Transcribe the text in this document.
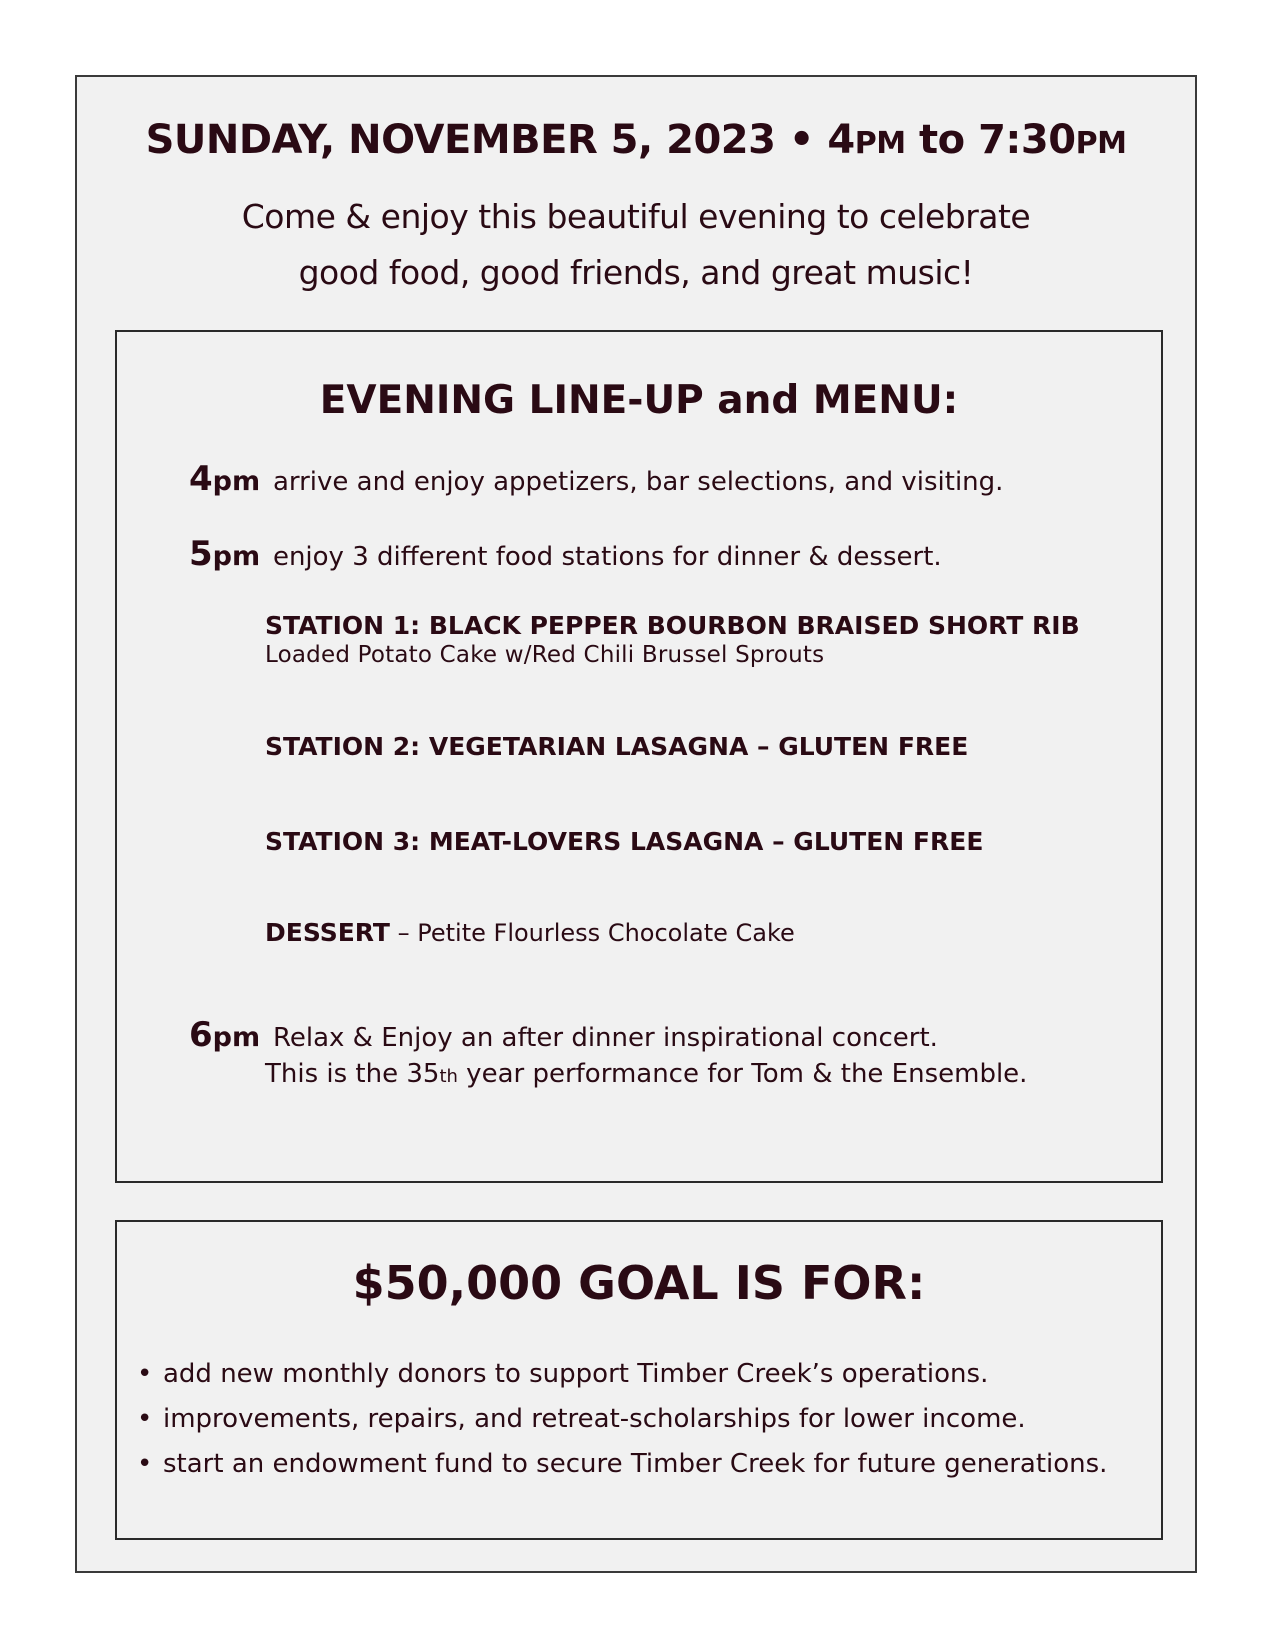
SUNDAY, NOVEMBER 5, 2023 • 4PM to 7:30PM
Come & enjoy this beautiful evening to celebrate
good food, good friends, and great music!
EVENING LINE-UP and MENU:
4pm arrive and enjoy appetizers, bar selections, and visiting.
5pm enjoy 3 different food stations for dinner & dessert.
STATION 1: BLACK PEPPER BOURBON BRAISED SHORT RIB
Loaded Potato Cake w/Red Chili Brussel Sprouts
STATION 2: VEGETARIAN LASAGNA – GLUTEN FREE
STATION 3: MEAT-LOVERS LASAGNA – GLUTEN FREE
DESSERT – Petite Flourless Chocolate Cake
6pm Relax & Enjoy an after dinner inspirational concert.
This is the 35th year performance for Tom & the Ensemble.
$50,000 GOAL IS FOR:
• add new monthly donors to support Timber Creek’s operations.
• improvements, repairs, and retreat-scholarships for lower income.
• start an endowment fund to secure Timber Creek for future generations.
